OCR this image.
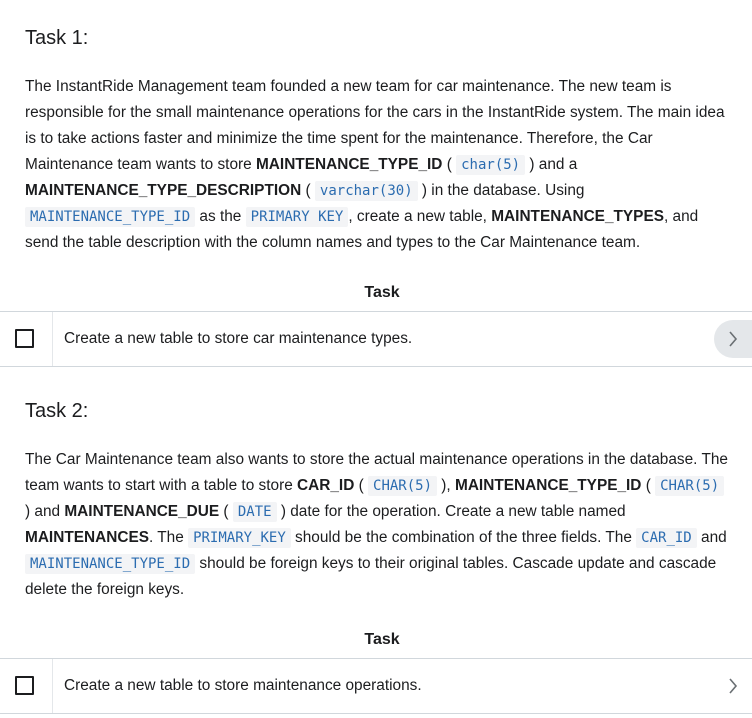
Task 1:

The InstantRide Management team founded a new team for car maintenance. The new team is responsible for the small maintenance operations for the cars in the InstantRide system. The main idea is to take actions faster and minimize the time spent for the maintenance. Therefore, the Car Maintenance team wants to store MAINTENANCE_TYPE_ID ( char(5) ) and a MAINTENANCE_TYPE_DESCRIPTION ( varchar(30) ) in the database. Using MAINTENANCE_TYPE_ID as the PRIMARY KEY , create a new table, MAINTENANCE_TYPES, and send the table description with the column names and types to the Car Maintenance team.

Task
Create a new table to store car maintenance types.
Task 2:

The Car Maintenance team also wants to store the actual maintenance operations in the database. The team wants to start with a table to store CAR_ID ( CHAR(5) ), MAINTENANCE_TYPE_ID ( CHAR(5) ) and MAINTENANCE_DUE ( DATE ) date for the operation. Create a new table named MAINTENANCES. The PRIMARY_KEY should be the combination of the three fields. The CAR_ID and MAINTENANCE_TYPE_ID should be foreign keys to their original tables. Cascade update and cascade delete the foreign keys.

Task
Create a new table to store maintenance operations.
